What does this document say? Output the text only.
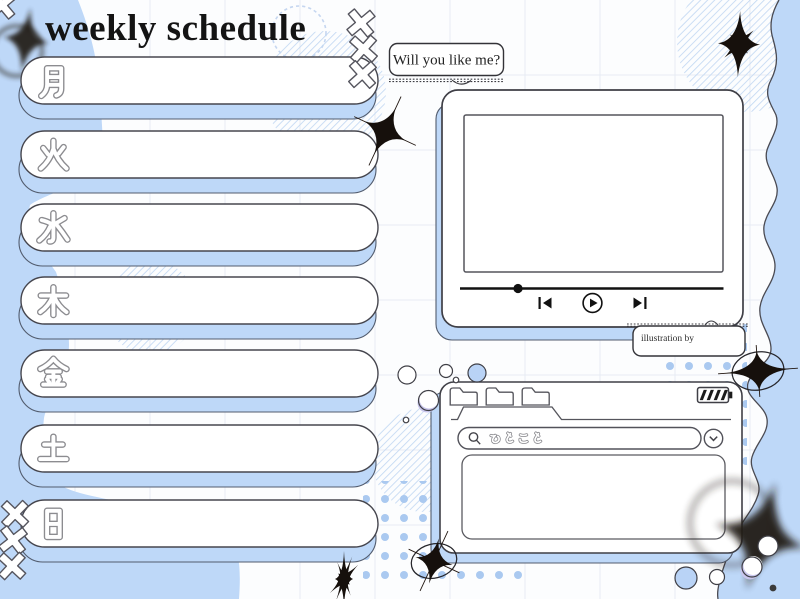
weekly schedule
Will you like me?
illustration by
